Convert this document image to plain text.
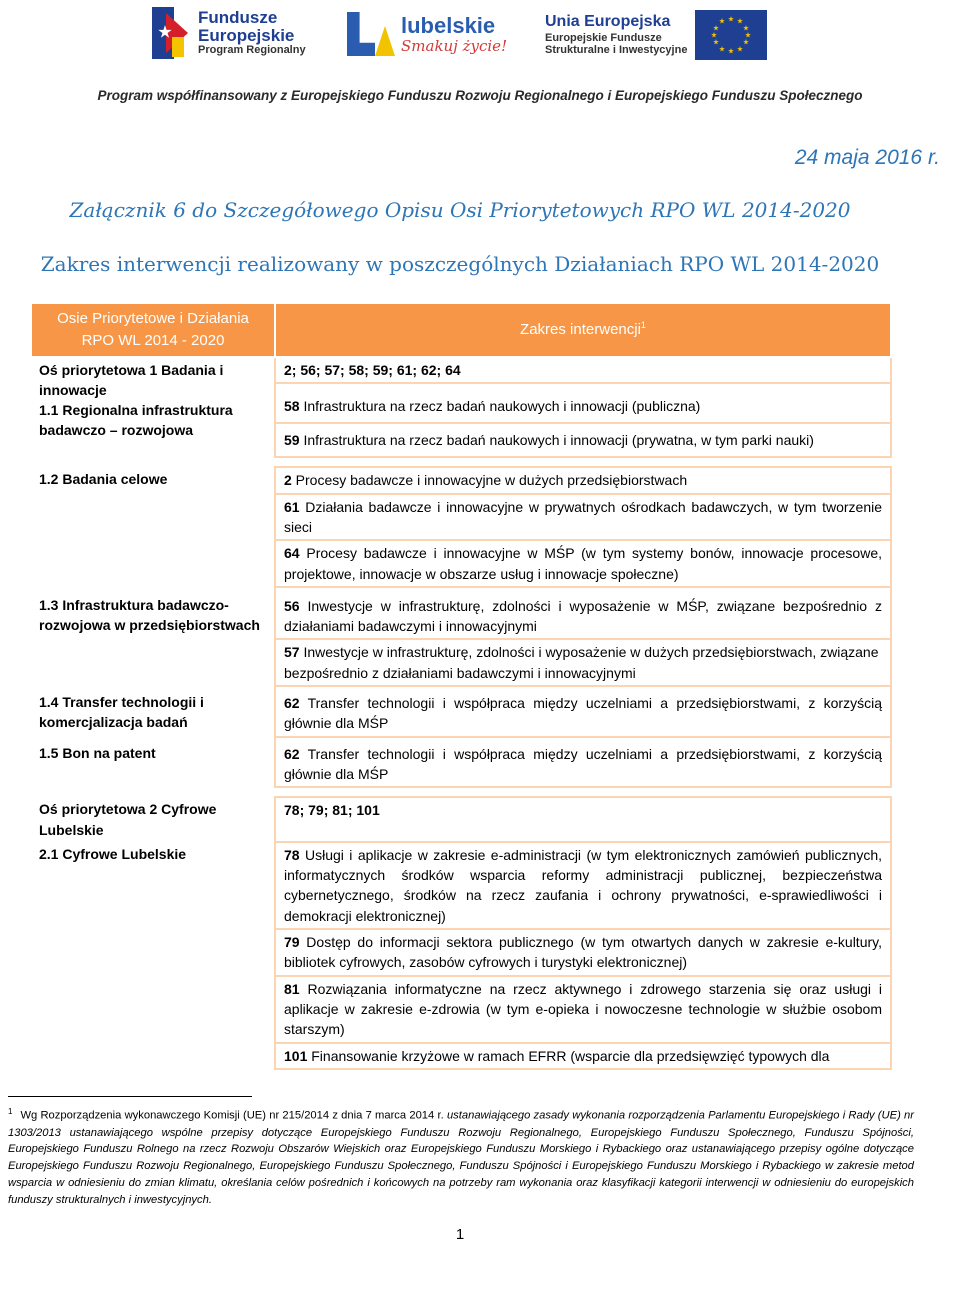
Fundusze
Europejskie
Program Regionalny
lubelskie
Smakuj życie!
Unia Europejska
Europejskie Fundusze
Strukturalne i Inwestycyjne
Program współfinansowany z Europejskiego Funduszu Rozwoju Regionalnego i Europejskiego Funduszu Społecznego
24 maja 2016 r.
Załącznik 6 do Szczegółowego Opisu Osi Priorytetowych RPO WL 2014-2020
Zakres interwencji realizowany w poszczególnych Działaniach RPO WL 2014-2020
Osie Priorytetowe i Działania RPO WL 2014 - 2020	Zakres interwencji$^1$

Oś priorytetowa 1 Badania i innowacje
1.1 Regionalna infrastruktura badawczo – rozwojowa	2; 56; 57; 58; 59; 61; 62; 64
	58 Infrastruktura na rzecz badań naukowych i innowacji (publiczna)
	59 Infrastruktura na rzecz badań naukowych i innowacji (prywatna, w tym parki nauki)

1.2 Badania celowe	2 Procesy badawcze i innowacyjne w dużych przedsiębiorstwach
	61 Działania badawcze i innowacyjne w prywatnych ośrodkach badawczych, w tym tworzenie sieci
	64 Procesy badawcze i innowacyjne w MŚP (w tym systemy bonów, innowacje procesowe, projektowe, innowacje w obszarze usług i innowacje społeczne)
1.3 Infrastruktura badawczo-rozwojowa w przedsiębiorstwach	56 Inwestycje w infrastrukturę, zdolności i wyposażenie w MŚP, związane bezpośrednio z działaniami badawczymi i innowacyjnymi
	57 Inwestycje w infrastrukturę, zdolności i wyposażenie w dużych przedsiębiorstwach, związane bezpośrednio z działaniami badawczymi i innowacyjnymi
1.4 Transfer technologii i komercjalizacja badań	62 Transfer technologii i współpraca między uczelniami a przedsiębiorstwami, z korzyścią głównie dla MŚP
1.5 Bon na patent	62 Transfer technologii i współpraca między uczelniami a przedsiębiorstwami, z korzyścią głównie dla MŚP

Oś priorytetowa 2 Cyfrowe Lubelskie	78; 79; 81; 101
2.1 Cyfrowe Lubelskie	78 Usługi i aplikacje w zakresie e-administracji (w tym elektronicznych zamówień publicznych, informatycznych środków wsparcia reformy administracji publicznej, bezpieczeństwa cybernetycznego, środków na rzecz zaufania i ochrony prywatności, e-sprawiedliwości i demokracji elektronicznej)
	79 Dostęp do informacji sektora publicznego (w tym otwartych danych w zakresie e-kultury, bibliotek cyfrowych, zasobów cyfrowych i turystyki elektronicznej)
	81 Rozwiązania informatyczne na rzecz aktywnego i zdrowego starzenia się oraz usługi i aplikacje w zakresie e-zdrowia (w tym e-opieka i nowoczesne technologie w służbie osobom starszym)
	101 Finansowanie krzyżowe w ramach EFRR (wsparcie dla przedsięwzięć typowych dla
$^1$ Wg Rozporządzenia wykonawczego Komisji (UE) nr 215/2014 z dnia 7 marca 2014 r. ustanawiającego zasady wykonania rozporządzenia Parlamentu Europejskiego i Rady (UE) nr 1303/2013 ustanawiającego wspólne przepisy dotyczące Europejskiego Funduszu Rozwoju Regionalnego, Europejskiego Funduszu Społecznego, Funduszu Spójności, Europejskiego Funduszu Rolnego na rzecz Rozwoju Obszarów Wiejskich oraz Europejskiego Funduszu Morskiego i Rybackiego oraz ustanawiającego przepisy ogólne dotyczące Europejskiego Funduszu Rozwoju Regionalnego, Europejskiego Funduszu Społecznego, Funduszu Spójności i Europejskiego Funduszu Morskiego i Rybackiego w zakresie metod wsparcia w odniesieniu do zmian klimatu, określania celów pośrednich i końcowych na potrzeby ram wykonania oraz klasyfikacji kategorii interwencji w odniesieniu do europejskich funduszy strukturalnych i inwestycyjnych.
1
